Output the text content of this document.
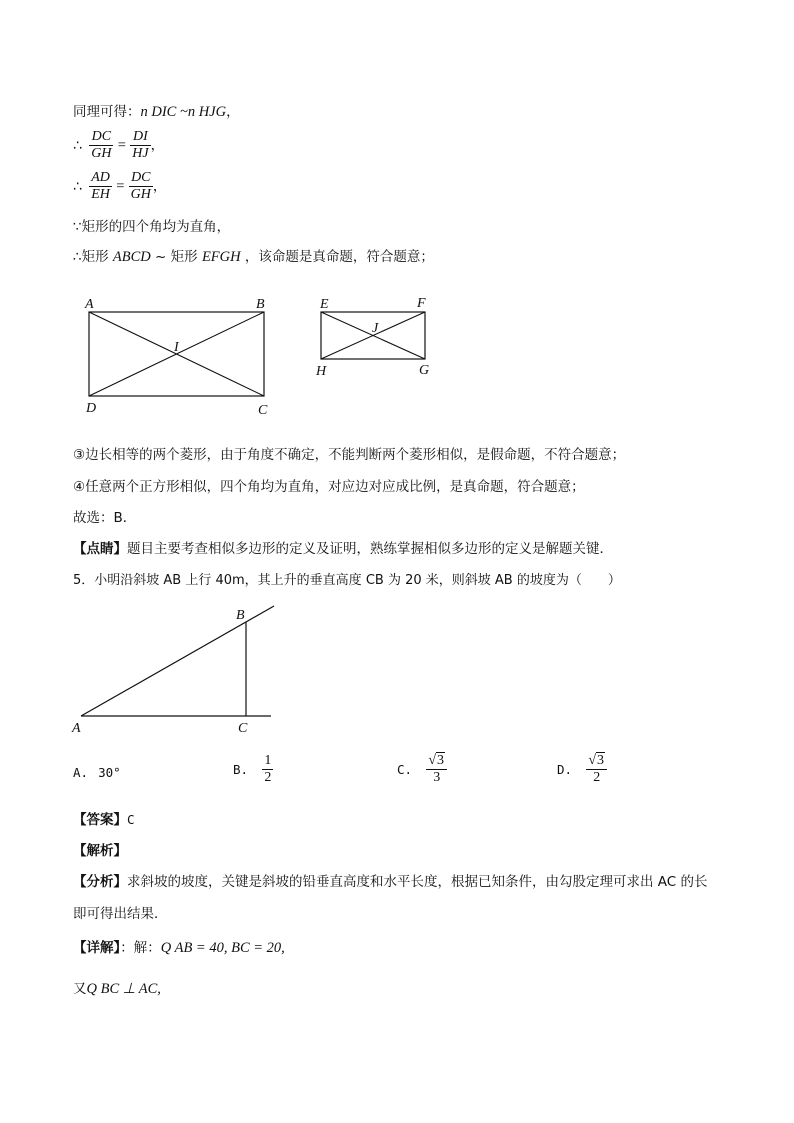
同理可得：n DIC ~n HJG，
∴ $\frac{DC}{GH} = \frac{DI}{HJ}$ ，
∴ $\frac{AD}{EH} = \frac{DC}{GH}$ ，
∵矩形的四个角均为直角，
∴矩形 ABCD ~ 矩形 EFGH ，该命题是真命题，符合题意；
A	B
C
D
I
E	F
G
H
J
③边长相等的两个菱形，由于角度不确定，不能判断两个菱形相似，是假命题，不符合题意；
④任意两个正方形相似，四个角均为直角，对应边对应成比例，是真命题，符合题意；
故选：B．
【点睛】题目主要考查相似多边形的定义及证明，熟练掌握相似多边形的定义是解题关键．
5．小明沿斜坡 AB 上行 40m，其上升的垂直高度 CB 为 20 米，则斜坡 AB 的坡度为（　　）
B
A	C
A. 30°	B. $\frac{1}{2}$	C. $\frac{√3}{3}$	D. $\frac{√3}{2}$
【答案】C
【解析】
【分析】求斜坡的坡度，关键是斜坡的铅垂直高度和水平长度，根据已知条件，由勾股定理可求出 AC 的长
即可得出结果．
【详解】：解：Q AB = 40, BC = 20,
又Q BC ⊥ AC,
